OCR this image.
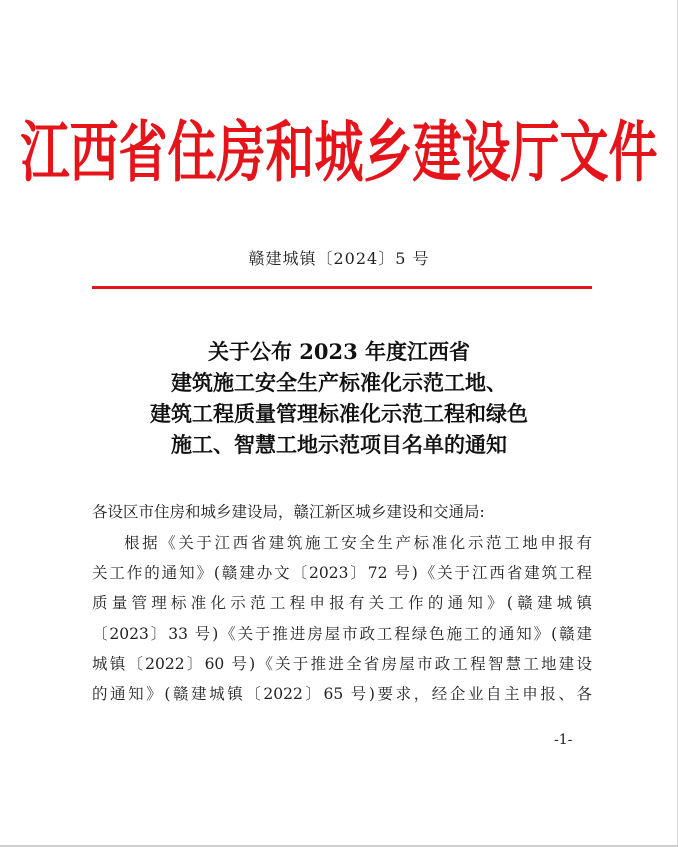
江西省住房和城乡建设厅文件
赣建城镇〔2024〕5 号
关于公布 2023 年度江西省
建筑施工安全生产标准化示范工地、
建筑工程质量管理标准化示范工程和绿色
施工、智慧工地示范项目名单的通知
各设区市住房和城乡建设局，赣江新区城乡建设和交通局:
根据《关于江西省建筑施工安全生产标准化示范工地申报有
关工作的通知》(赣建办文〔2023〕72 号)《关于江西省建筑工程
质量管理标准化示范工程申报有关工作的通知》(赣建城镇
〔2023〕33 号)《关于推进房屋市政工程绿色施工的通知》(赣建
城镇〔2022〕60 号)《关于推进全省房屋市政工程智慧工地建设
的通知》(赣建城镇〔2022〕65 号)要求，经企业自主申报、各
-1-
